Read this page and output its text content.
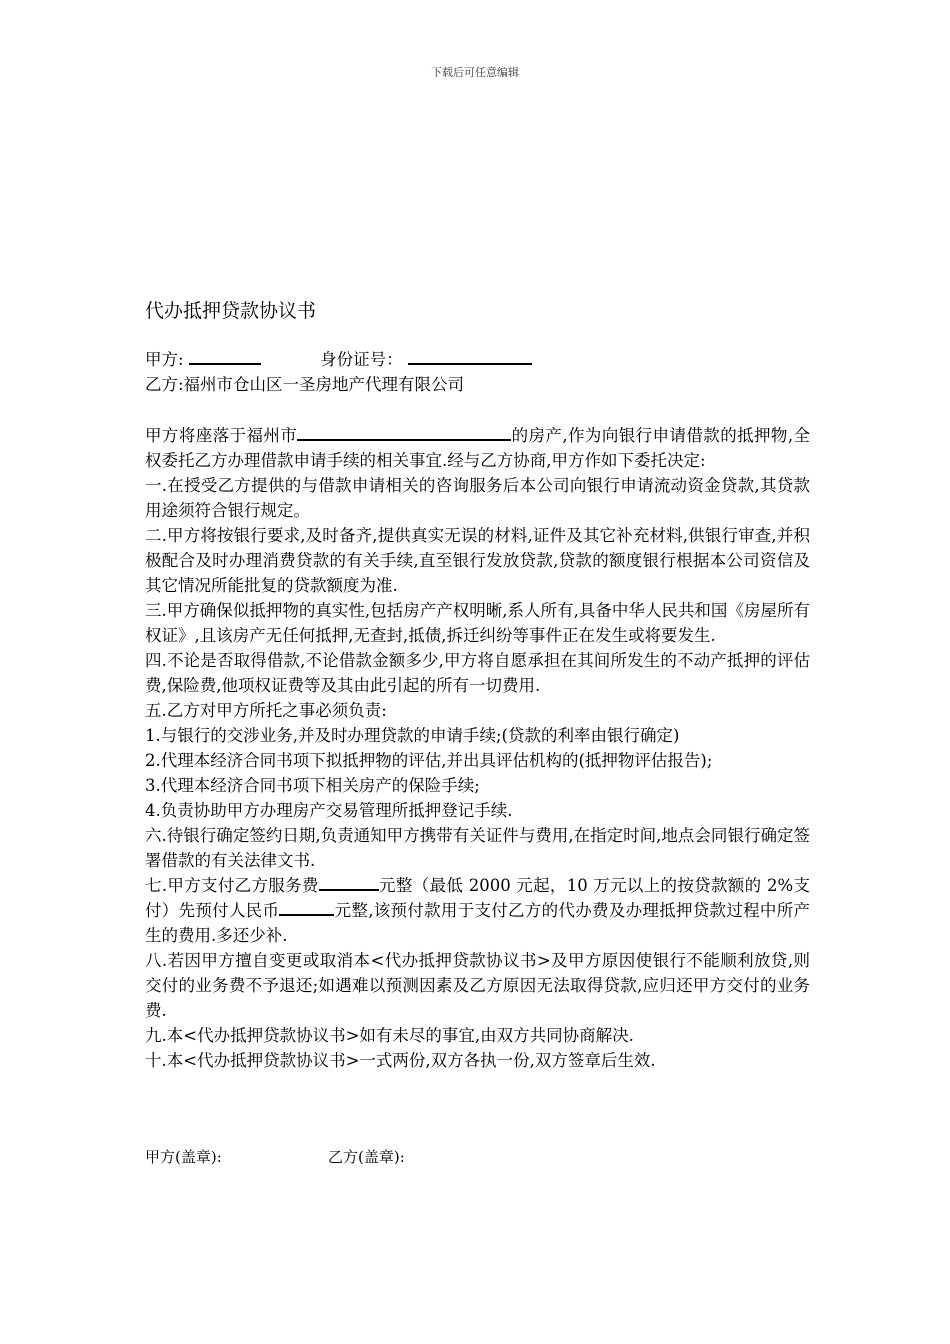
下载后可任意编辑
代办抵押贷款协议书
甲方:	身份证号：
乙方:福州市仓山区一圣房地产代理有限公司

甲方将座落于福州市	的房产,作为向银行申请借款的抵押物,全权委托乙方办理借款申请手续的相关事宜.经与乙方协商,甲方作如下委托决定:

一.在授受乙方提供的与借款申请相关的咨询服务后本公司向银行申请流动资金贷款,其贷款用途须符合银行规定。

二.甲方将按银行要求,及时备齐,提供真实无误的材料,证件及其它补充材料,供银行审查,并积极配合及时办理消费贷款的有关手续,直至银行发放贷款,贷款的额度银行根据本公司资信及其它情况所能批复的贷款额度为准.

三.甲方确保似抵押物的真实性,包括房产产权明晰,系人所有,具备中华人民共和国《房屋所有权证》,且该房产无任何抵押,无查封,抵债,拆迁纠纷等事件正在发生或将要发生.

四.不论是否取得借款,不论借款金额多少,甲方将自愿承担在其间所发生的不动产抵押的评估费,保险费,他项权证费等及其由此引起的所有一切费用.

五.乙方对甲方所托之事必须负责:

1.与银行的交涉业务,并及时办理贷款的申请手续;(贷款的利率由银行确定)

2.代理本经济合同书项下拟抵押物的评估,并出具评估机构的(抵押物评估报告);

3.代理本经济合同书项下相关房产的保险手续;

4.负责协助甲方办理房产交易管理所抵押登记手续.

六.待银行确定签约日期,负责通知甲方携带有关证件与费用,在指定时间,地点会同银行确定签署借款的有关法律文书.

七.甲方支付乙方服务费	元整（最低 2000 元起，10 万元以上的按贷款额的 2%支付）先预付人民币	元整,该预付款用于支付乙方的代办费及办理抵押贷款过程中所产生的费用.多还少补.

八.若因甲方擅自变更或取消本<代办抵押贷款协议书>及甲方原因使银行不能顺利放贷,则交付的业务费不予退还;如遇难以预测因素及乙方原因无法取得贷款,应归还甲方交付的业务费.

九.本<代办抵押贷款协议书>如有未尽的事宜,由双方共同协商解决.

十.本<代办抵押贷款协议书>一式两份,双方各执一份,双方签章后生效.

甲方(盖章):	乙方(盖章):
